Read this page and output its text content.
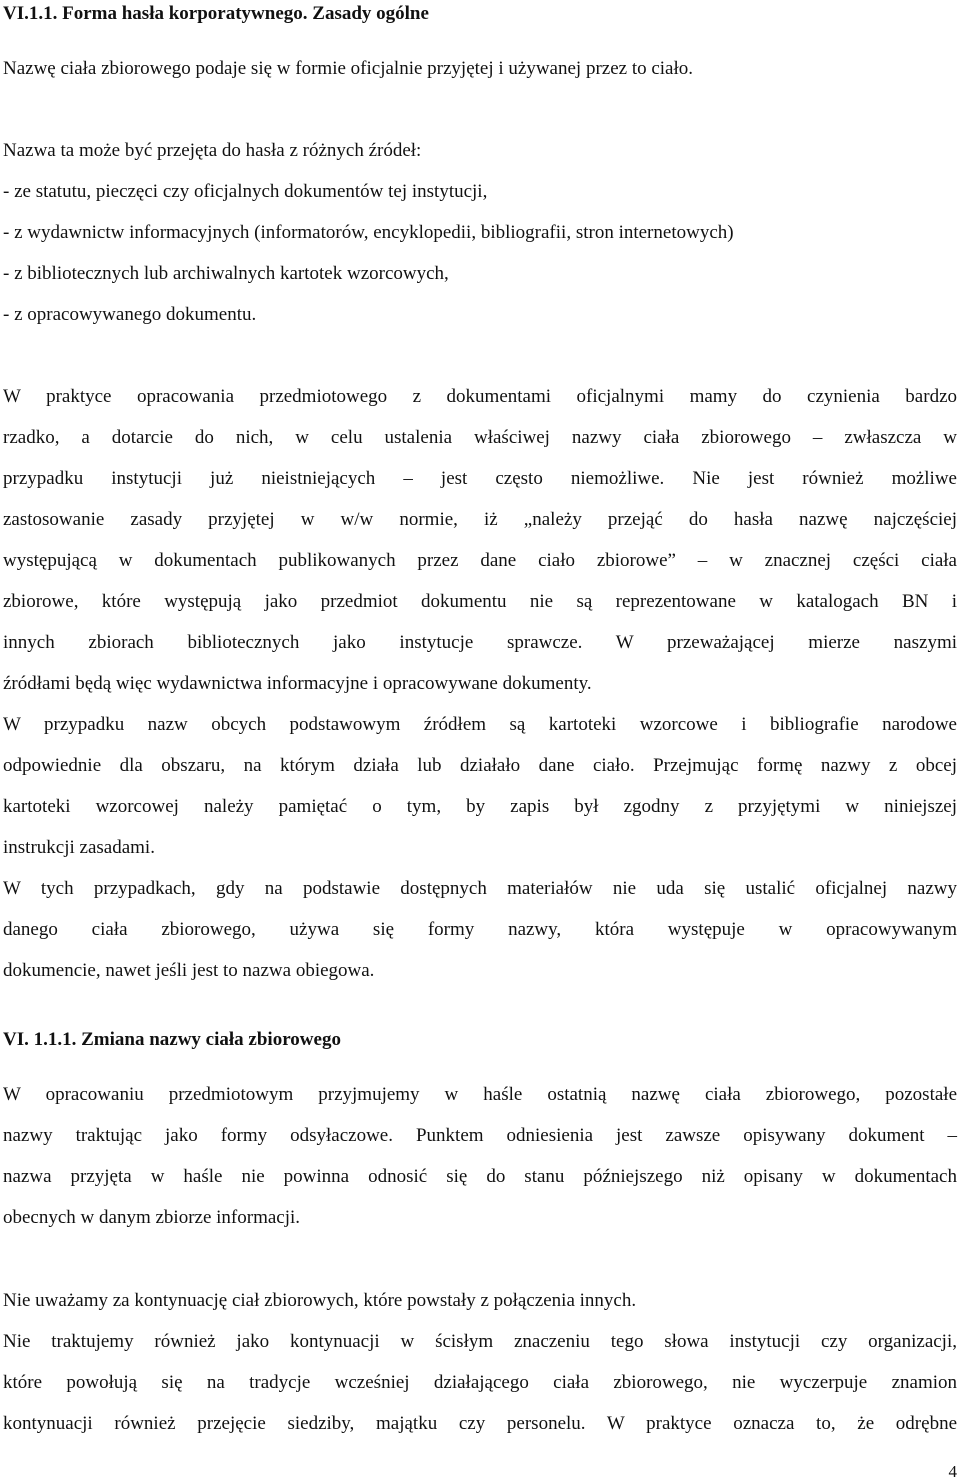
VI.1.1. Forma hasła korporatywnego. Zasady ogólne

Nazwę ciała zbiorowego podaje się w formie oficjalnie przyjętej i używanej przez to ciało.

Nazwa ta może być przejęta do hasła z różnych źródeł:
- ze statutu, pieczęci czy oficjalnych dokumentów tej instytucji,
- z wydawnictw informacyjnych (informatorów, encyklopedii, bibliografii, stron internetowych)
- z bibliotecznych lub archiwalnych kartotek wzorcowych,
- z opracowywanego dokumentu.
W praktyce opracowania przedmiotowego z dokumentami oficjalnymi mamy do czynienia bardzo
rzadko, a dotarcie do nich, w celu ustalenia właściwej nazwy ciała zbiorowego – zwłaszcza w
przypadku instytucji już nieistniejących – jest często niemożliwe. Nie jest również możliwe
zastosowanie zasady przyjętej w w/w normie, iż „należy przejąć do hasła nazwę najczęściej
występującą w dokumentach publikowanych przez dane ciało zbiorowe” – w znacznej części ciała
zbiorowe, które występują jako przedmiot dokumentu nie są reprezentowane w katalogach BN i
innych zbiorach bibliotecznych jako instytucje sprawcze. W przeważającej mierze naszymi
źródłami będą więc wydawnictwa informacyjne i opracowywane dokumenty.
W przypadku nazw obcych podstawowym źródłem są kartoteki wzorcowe i bibliografie narodowe
odpowiednie dla obszaru, na którym działa lub działało dane ciało. Przejmując formę nazwy z obcej
kartoteki wzorcowej należy pamiętać o tym, by zapis był zgodny z przyjętymi w niniejszej
instrukcji zasadami.
W tych przypadkach, gdy na podstawie dostępnych materiałów nie uda się ustalić oficjalnej nazwy
danego ciała zbiorowego, używa się formy nazwy, która występuje w opracowywanym
dokumencie, nawet jeśli jest to nazwa obiegowa.

VI. 1.1.1. Zmiana nazwy ciała zbiorowego

W opracowaniu przedmiotowym przyjmujemy w haśle ostatnią nazwę ciała zbiorowego, pozostałe
nazwy traktując jako formy odsyłaczowe. Punktem odniesienia jest zawsze opisywany dokument –
nazwa przyjęta w haśle nie powinna odnosić się do stanu późniejszego niż opisany w dokumentach
obecnych w danym zbiorze informacji.

Nie uważamy za kontynuację ciał zbiorowych, które powstały z połączenia innych.

Nie traktujemy również jako kontynuacji w ścisłym znaczeniu tego słowa instytucji czy organizacji,
które powołują się na tradycje wcześniej działającego ciała zbiorowego, nie wyczerpuje znamion
kontynuacji również przejęcie siedziby, majątku czy personelu. W praktyce oznacza to, że odrębne
4
